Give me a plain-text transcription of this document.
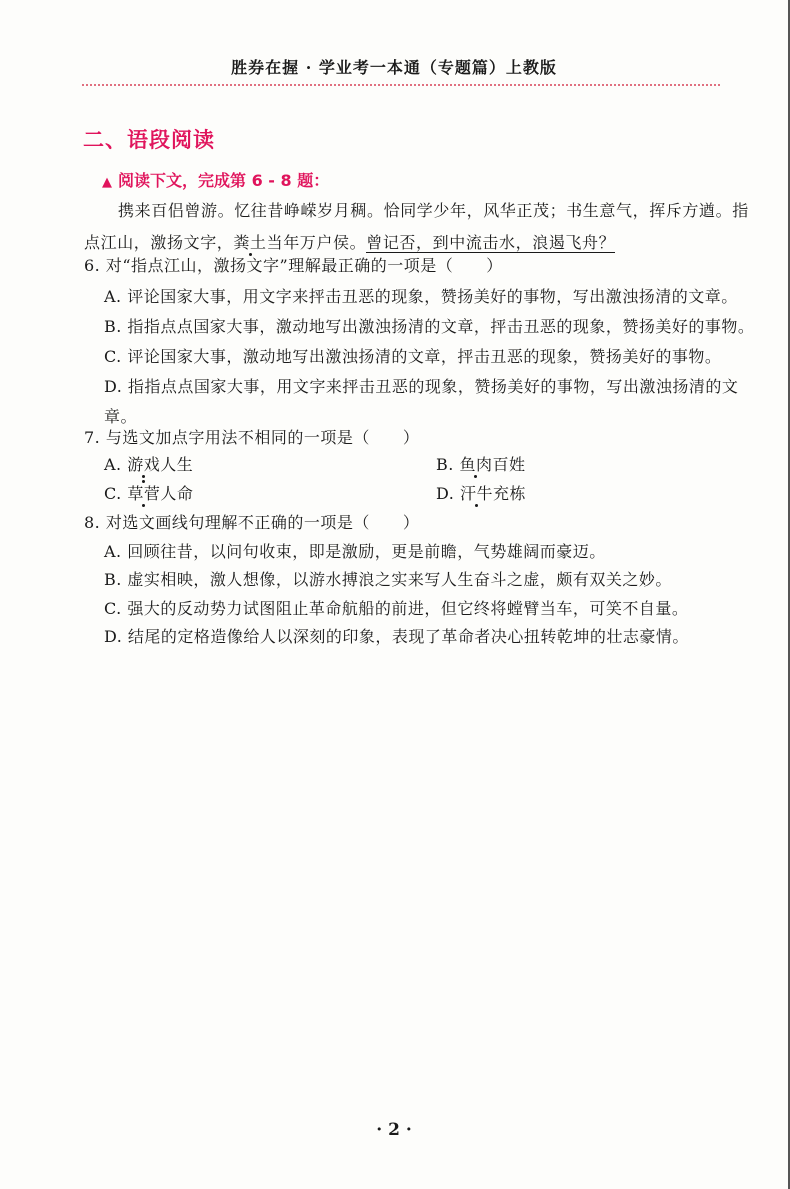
胜券在握 · 学业考一本通（专题篇）上教版
二、语段阅读
▲ 阅读下文，完成第 6 - 8 题：
携来百侣曾游。忆往昔峥嵘岁月稠。恰同学少年，风华正茂；书生意气，挥斥方遒。指点江山，激扬文字，粪土当年万户侯。曾记否，到中流击水，浪遏飞舟？
6. 对“指点江山，激扬文字”理解最正确的一项是（　　）
A. 评论国家大事，用文字来抨击丑恶的现象，赞扬美好的事物，写出激浊扬清的文章。
B. 指指点点国家大事，激动地写出激浊扬清的文章，抨击丑恶的现象，赞扬美好的事物。
C. 评论国家大事，激动地写出激浊扬清的文章，抨击丑恶的现象，赞扬美好的事物。
D. 指指点点国家大事，用文字来抨击丑恶的现象，赞扬美好的事物，写出激浊扬清的文章。
7. 与选文加点字用法不相同的一项是（　　）
A. 游戏人生	B. 鱼肉百姓
C. 草菅人命	D. 汗牛充栋
8. 对选文画线句理解不正确的一项是（　　）
A. 回顾往昔，以问句收束，即是激励，更是前瞻，气势雄阔而豪迈。
B. 虚实相映，激人想像，以游水搏浪之实来写人生奋斗之虚，颇有双关之妙。
C. 强大的反动势力试图阻止革命航船的前进，但它终将螳臂当车，可笑不自量。
D. 结尾的定格造像给人以深刻的印象，表现了革命者决心扭转乾坤的壮志豪情。
· 2 ·
